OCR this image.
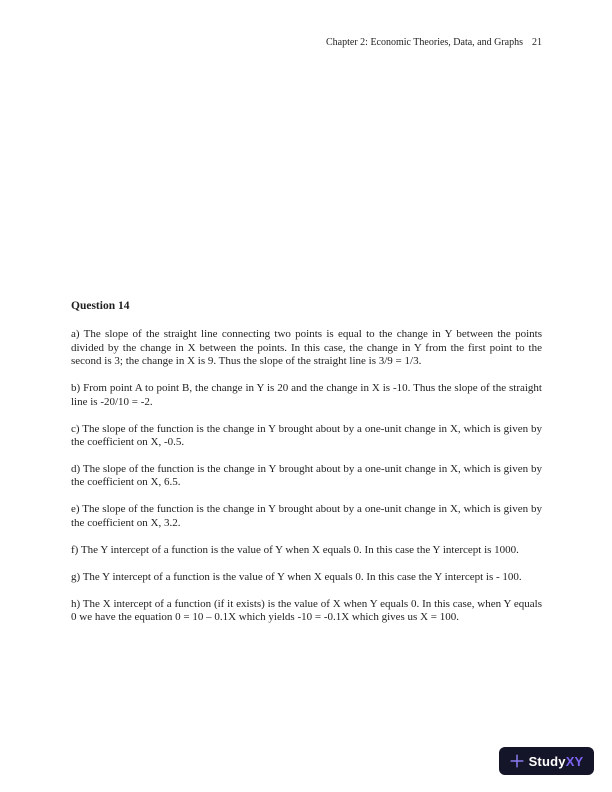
Chapter 2: Economic Theories, Data, and Graphs 21
Question 14

a) The slope of the straight line connecting two points is equal to the change in Y between the points divided by the change in X between the points. In this case, the change in Y from the first point to the second is 3; the change in X is 9. Thus the slope of the straight line is 3/9 = 1/3.

b) From point A to point B, the change in Y is 20 and the change in X is -10. Thus the slope of the straight line is -20/10 = -2.

c) The slope of the function is the change in Y brought about by a one-unit change in X, which is given by the coefficient on X, -0.5.

d) The slope of the function is the change in Y brought about by a one-unit change in X, which is given by the coefficient on X, 6.5.

e) The slope of the function is the change in Y brought about by a one-unit change in X, which is given by the coefficient on X, 3.2.

f) The Y intercept of a function is the value of Y when X equals 0. In this case the Y intercept is 1000.

g) The Y intercept of a function is the value of Y when X equals 0. In this case the Y intercept is - 100.

h) The X intercept of a function (if it exists) is the value of X when Y equals 0. In this case, when Y equals 0 we have the equation 0 = 10 – 0.1X which yields -10 = -0.1X which gives us X = 100.

StudyXY
